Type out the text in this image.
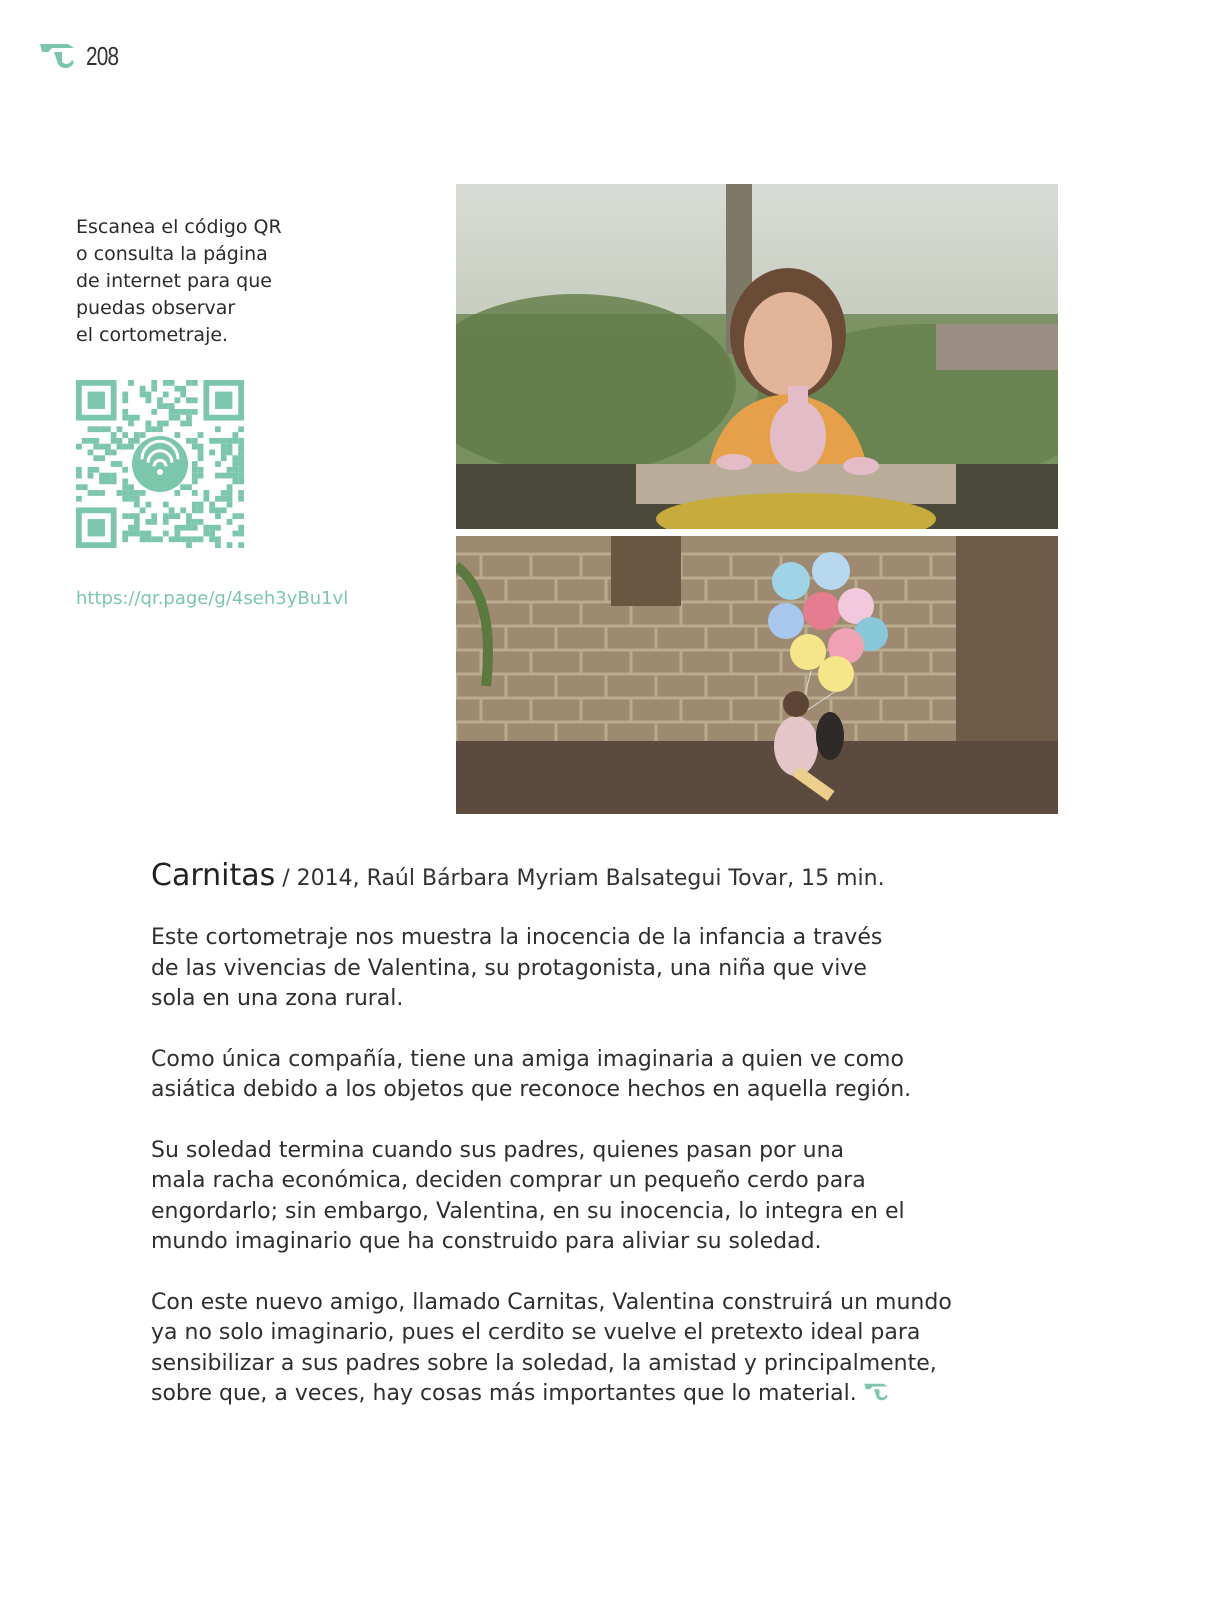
208
Escanea el código QR
o consulta la página
de internet para que
puedas observar
el cortometraje.
https://qr.page/g/4seh3yBu1vl

Carnitas / 2014, Raúl Bárbara Myriam Balsategui Tovar, 15 min.

Este cortometraje nos muestra la inocencia de la infancia a través
de las vivencias de Valentina, su protagonista, una niña que vive
sola en una zona rural.

Como única compañía, tiene una amiga imaginaria a quien ve como
asiática debido a los objetos que reconoce hechos en aquella región.

Su soledad termina cuando sus padres, quienes pasan por una
mala racha económica, deciden comprar un pequeño cerdo para
engordarlo; sin embargo, Valentina, en su inocencia, lo integra en el
mundo imaginario que ha construido para aliviar su soledad.

Con este nuevo amigo, llamado Carnitas, Valentina construirá un mundo
ya no solo imaginario, pues el cerdito se vuelve el pretexto ideal para
sensibilizar a sus padres sobre la soledad, la amistad y principalmente,
sobre que, a veces, hay cosas más importantes que lo material.
